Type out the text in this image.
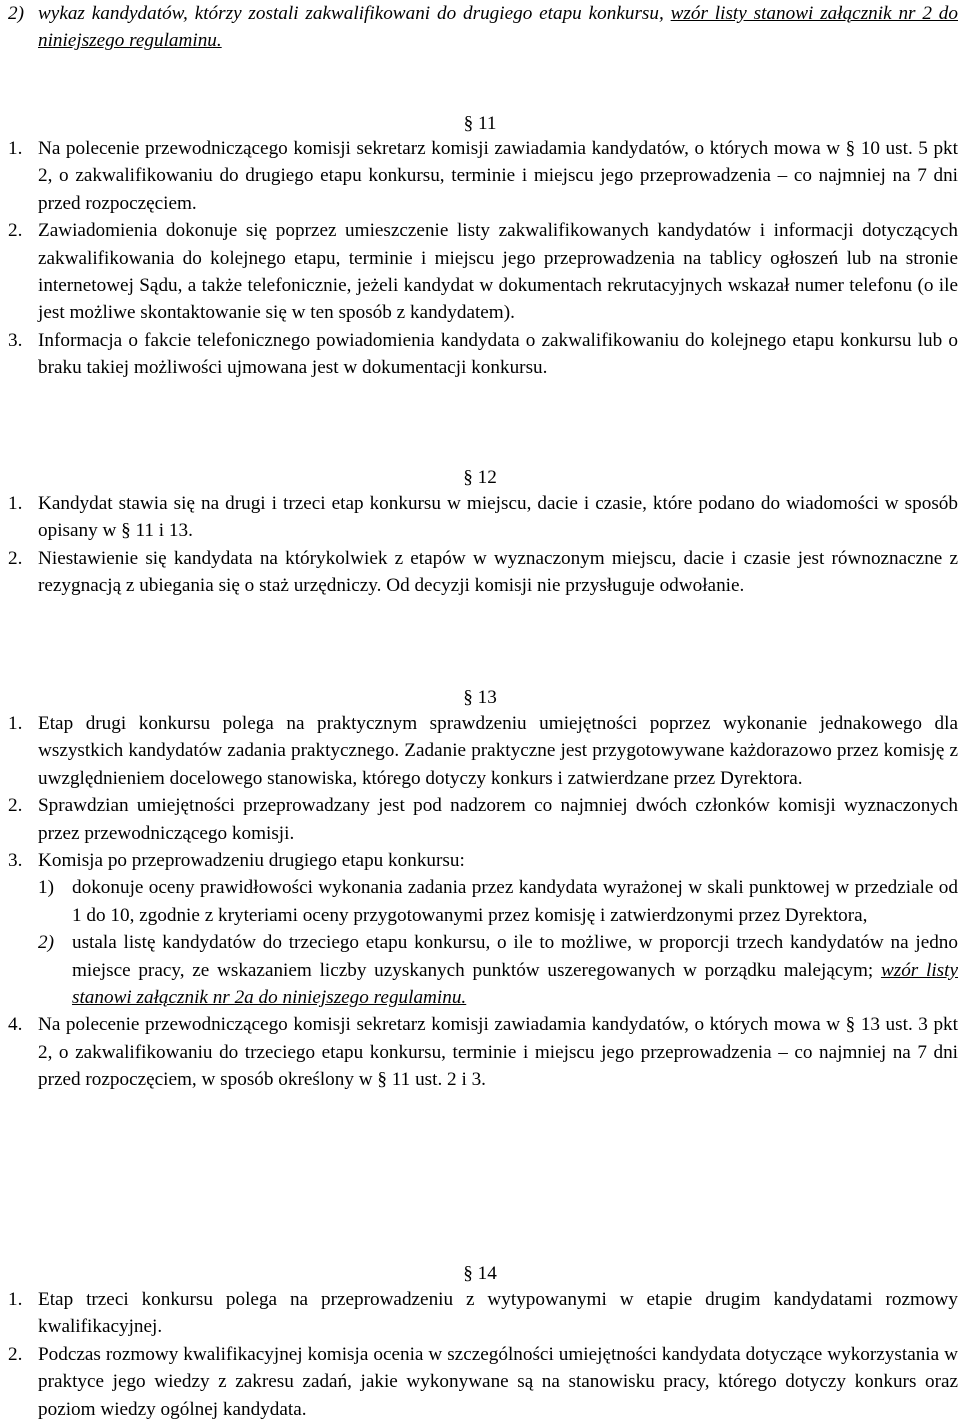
2) wykaz kandydatów, którzy zostali zakwalifikowani do drugiego etapu konkursu, wzór listy stanowi załącznik nr 2 do niniejszego regulaminu.
§ 11
1. Na polecenie przewodniczącego komisji sekretarz komisji zawiadamia kandydatów, o których mowa w § 10 ust. 5 pkt 2, o zakwalifikowaniu do drugiego etapu konkursu, terminie i miejscu jego przeprowadzenia – co najmniej na 7 dni przed rozpoczęciem.
2. Zawiadomienia dokonuje się poprzez umieszczenie listy zakwalifikowanych kandydatów i informacji dotyczących zakwalifikowania do kolejnego etapu, terminie i miejscu jego przeprowadzenia na tablicy ogłoszeń lub na stronie internetowej Sądu, a także telefonicznie, jeżeli kandydat w dokumentach rekrutacyjnych wskazał numer telefonu (o ile jest możliwe skontaktowanie się w ten sposób z kandydatem).
3. Informacja o fakcie telefonicznego powiadomienia kandydata o zakwalifikowaniu do kolejnego etapu konkursu lub o braku takiej możliwości ujmowana jest w dokumentacji konkursu.
§ 12
1. Kandydat stawia się na drugi i trzeci etap konkursu w miejscu, dacie i czasie, które podano do wiadomości w sposób opisany w § 11 i 13.
2. Niestawienie się kandydata na którykolwiek z etapów w wyznaczonym miejscu, dacie i czasie jest równoznaczne z rezygnacją z ubiegania się o staż urzędniczy. Od decyzji komisji nie przysługuje odwołanie.
§ 13
1. Etap drugi konkursu polega na praktycznym sprawdzeniu umiejętności poprzez wykonanie jednakowego dla wszystkich kandydatów zadania praktycznego. Zadanie praktyczne jest przygotowywane każdorazowo przez komisję z uwzględnieniem docelowego stanowiska, którego dotyczy konkurs i zatwierdzane przez Dyrektora.
2. Sprawdzian umiejętności przeprowadzany jest pod nadzorem co najmniej dwóch członków komisji wyznaczonych przez przewodniczącego komisji.
3. Komisja po przeprowadzeniu drugiego etapu konkursu:
1) dokonuje oceny prawidłowości wykonania zadania przez kandydata wyrażonej w skali punktowej w przedziale od 1 do 10, zgodnie z kryteriami oceny przygotowanymi przez komisję i zatwierdzonymi przez Dyrektora,
2) ustala listę kandydatów do trzeciego etapu konkursu, o ile to możliwe, w proporcji trzech kandydatów na jedno miejsce pracy, ze wskazaniem liczby uzyskanych punktów uszeregowanych w porządku malejącym; wzór listy stanowi załącznik nr 2a do niniejszego regulaminu.
4. Na polecenie przewodniczącego komisji sekretarz komisji zawiadamia kandydatów, o których mowa w § 13 ust. 3 pkt 2, o zakwalifikowaniu do trzeciego etapu konkursu, terminie i miejscu jego przeprowadzenia – co najmniej na 7 dni przed rozpoczęciem, w sposób określony w § 11 ust. 2 i 3.
§ 14
1. Etap trzeci konkursu polega na przeprowadzeniu z wytypowanymi w etapie drugim kandydatami rozmowy kwalifikacyjnej.
2. Podczas rozmowy kwalifikacyjnej komisja ocenia w szczególności umiejętności kandydata dotyczące wykorzystania w praktyce jego wiedzy z zakresu zadań, jakie wykonywane są na stanowisku pracy, którego dotyczy konkurs oraz poziom wiedzy ogólnej kandydata.
